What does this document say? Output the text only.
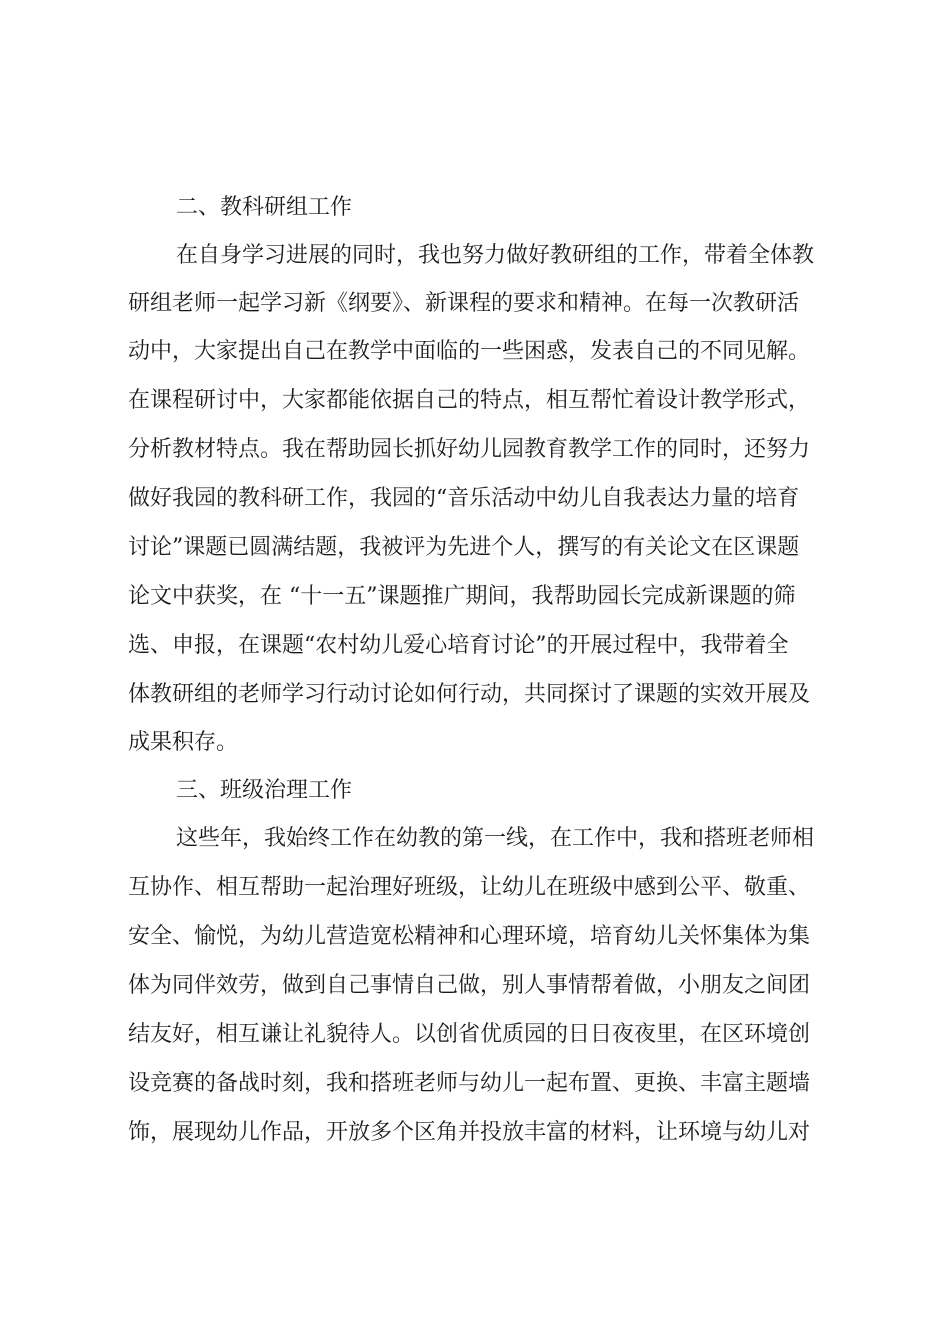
二、教科研组工作
在自身学习进展的同时，我也努力做好教研组的工作，带着全体教
研组老师一起学习新《纲要》、新课程的要求和精神。在每一次教研活
动中，大家提出自己在教学中面临的一些困惑，发表自己的不同见解。
在课程研讨中，大家都能依据自己的特点，相互帮忙着设计教学形式，
分析教材特点。我在帮助园长抓好幼儿园教育教学工作的同时，还努力
做好我园的教科研工作，我园的“音乐活动中幼儿自我表达力量的培育
讨论”课题已圆满结题，我被评为先进个人，撰写的有关论文在区课题
论文中获奖，在 “十一五”课题推广期间，我帮助园长完成新课题的筛
选、申报，在课题“农村幼儿爱心培育讨论”的开展过程中，我带着全
体教研组的老师学习行动讨论如何行动，共同探讨了课题的实效开展及
成果积存。
三、班级治理工作
这些年，我始终工作在幼教的第一线，在工作中，我和搭班老师相
互协作、相互帮助一起治理好班级，让幼儿在班级中感到公平、敬重、
安全、愉悦，为幼儿营造宽松精神和心理环境，培育幼儿关怀集体为集
体为同伴效劳，做到自己事情自己做，别人事情帮着做，小朋友之间团
结友好，相互谦让礼貌待人。以创省优质园的日日夜夜里，在区环境创
设竞赛的备战时刻，我和搭班老师与幼儿一起布置、更换、丰富主题墙
饰，展现幼儿作品，开放多个区角并投放丰富的材料，让环境与幼儿对
